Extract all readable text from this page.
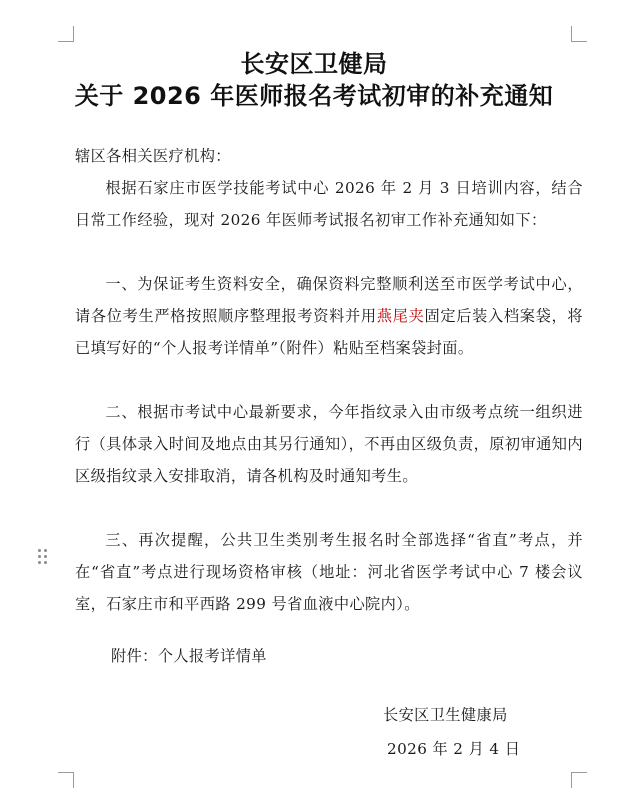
长安区卫健局
关于 2026 年医师报名考试初审的补充通知
辖区各相关医疗机构：
根据石家庄市医学技能考试中心 2026 年 2 月 3 日培训内容，结合日常工作经验，现对 2026 年医师考试报名初审工作补充通知如下：
一、为保证考生资料安全，确保资料完整顺利送至市医学考试中心，请各位考生严格按照顺序整理报考资料并用燕尾夹固定后装入档案袋，将已填写好的“个人报考详情单”（附件）粘贴至档案袋封面。
二、根据市考试中心最新要求，今年指纹录入由市级考点统一组织进行（具体录入时间及地点由其另行通知），不再由区级负责，原初审通知内区级指纹录入安排取消，请各机构及时通知考生。
三、再次提醒，公共卫生类别考生报名时全部选择“省直”考点，并在“省直”考点进行现场资格审核（地址：河北省医学考试中心 7 楼会议室，石家庄市和平西路 299 号省血液中心院内）。
附件：个人报考详情单
长安区卫生健康局
2026 年 2 月 4 日
